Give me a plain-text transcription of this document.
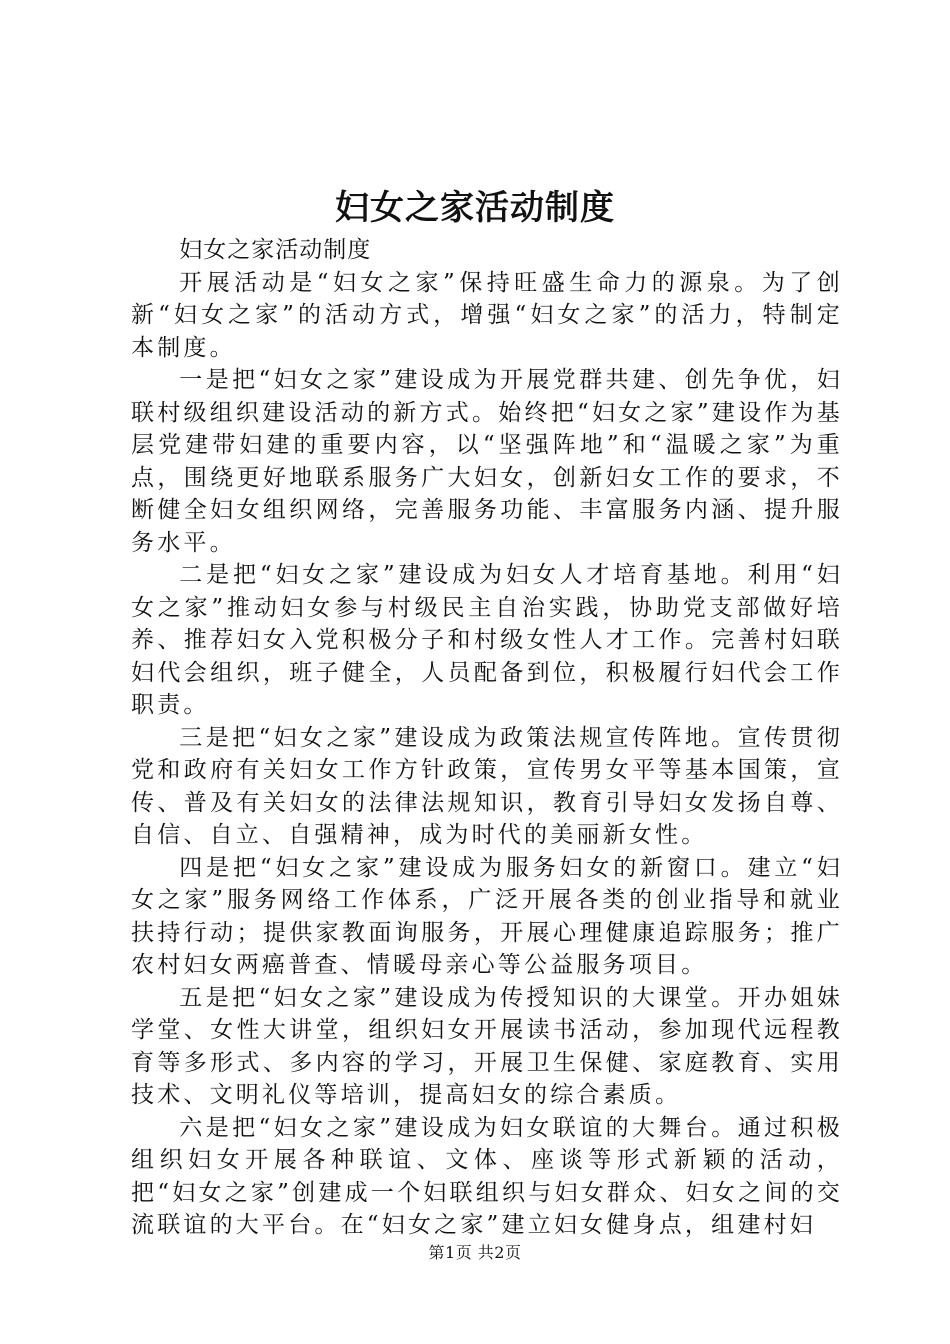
妇女之家活动制度

妇女之家活动制度

开展活动是“妇女之家”保持旺盛生命力的源泉。为了创新“妇女之家”的活动方式，增强“妇女之家”的活力，特制定本制度。

一是把“妇女之家”建设成为开展党群共建、创先争优，妇联村级组织建设活动的新方式。始终把“妇女之家”建设作为基层党建带妇建的重要内容，以“坚强阵地”和“温暖之家”为重点，围绕更好地联系服务广大妇女，创新妇女工作的要求，不断健全妇女组织网络，完善服务功能、丰富服务内涵、提升服务水平。

二是把“妇女之家”建设成为妇女人才培育基地。利用“妇女之家”推动妇女参与村级民主自治实践，协助党支部做好培养、推荐妇女入党积极分子和村级女性人才工作。完善村妇联妇代会组织，班子健全，人员配备到位，积极履行妇代会工作职责。

三是把“妇女之家”建设成为政策法规宣传阵地。宣传贯彻党和政府有关妇女工作方针政策，宣传男女平等基本国策，宣传、普及有关妇女的法律法规知识，教育引导妇女发扬自尊、自信、自立、自强精神，成为时代的美丽新女性。

四是把“妇女之家”建设成为服务妇女的新窗口。建立“妇女之家”服务网络工作体系，广泛开展各类的创业指导和就业扶持行动；提供家教面询服务，开展心理健康追踪服务；推广农村妇女两癌普查、情暖母亲心等公益服务项目。

五是把“妇女之家”建设成为传授知识的大课堂。开办姐妹学堂、女性大讲堂，组织妇女开展读书活动，参加现代远程教育等多形式、多内容的学习，开展卫生保健、家庭教育、实用技术、文明礼仪等培训，提高妇女的综合素质。

六是把“妇女之家”建设成为妇女联谊的大舞台。通过积极组织妇女开展各种联谊、文体、座谈等形式新颖的活动，把“妇女之家”创建成一个妇联组织与妇女群众、妇女之间的交流联谊的大平台。在“妇女之家”建立妇女健身点，组建村妇

第1页 共2页
